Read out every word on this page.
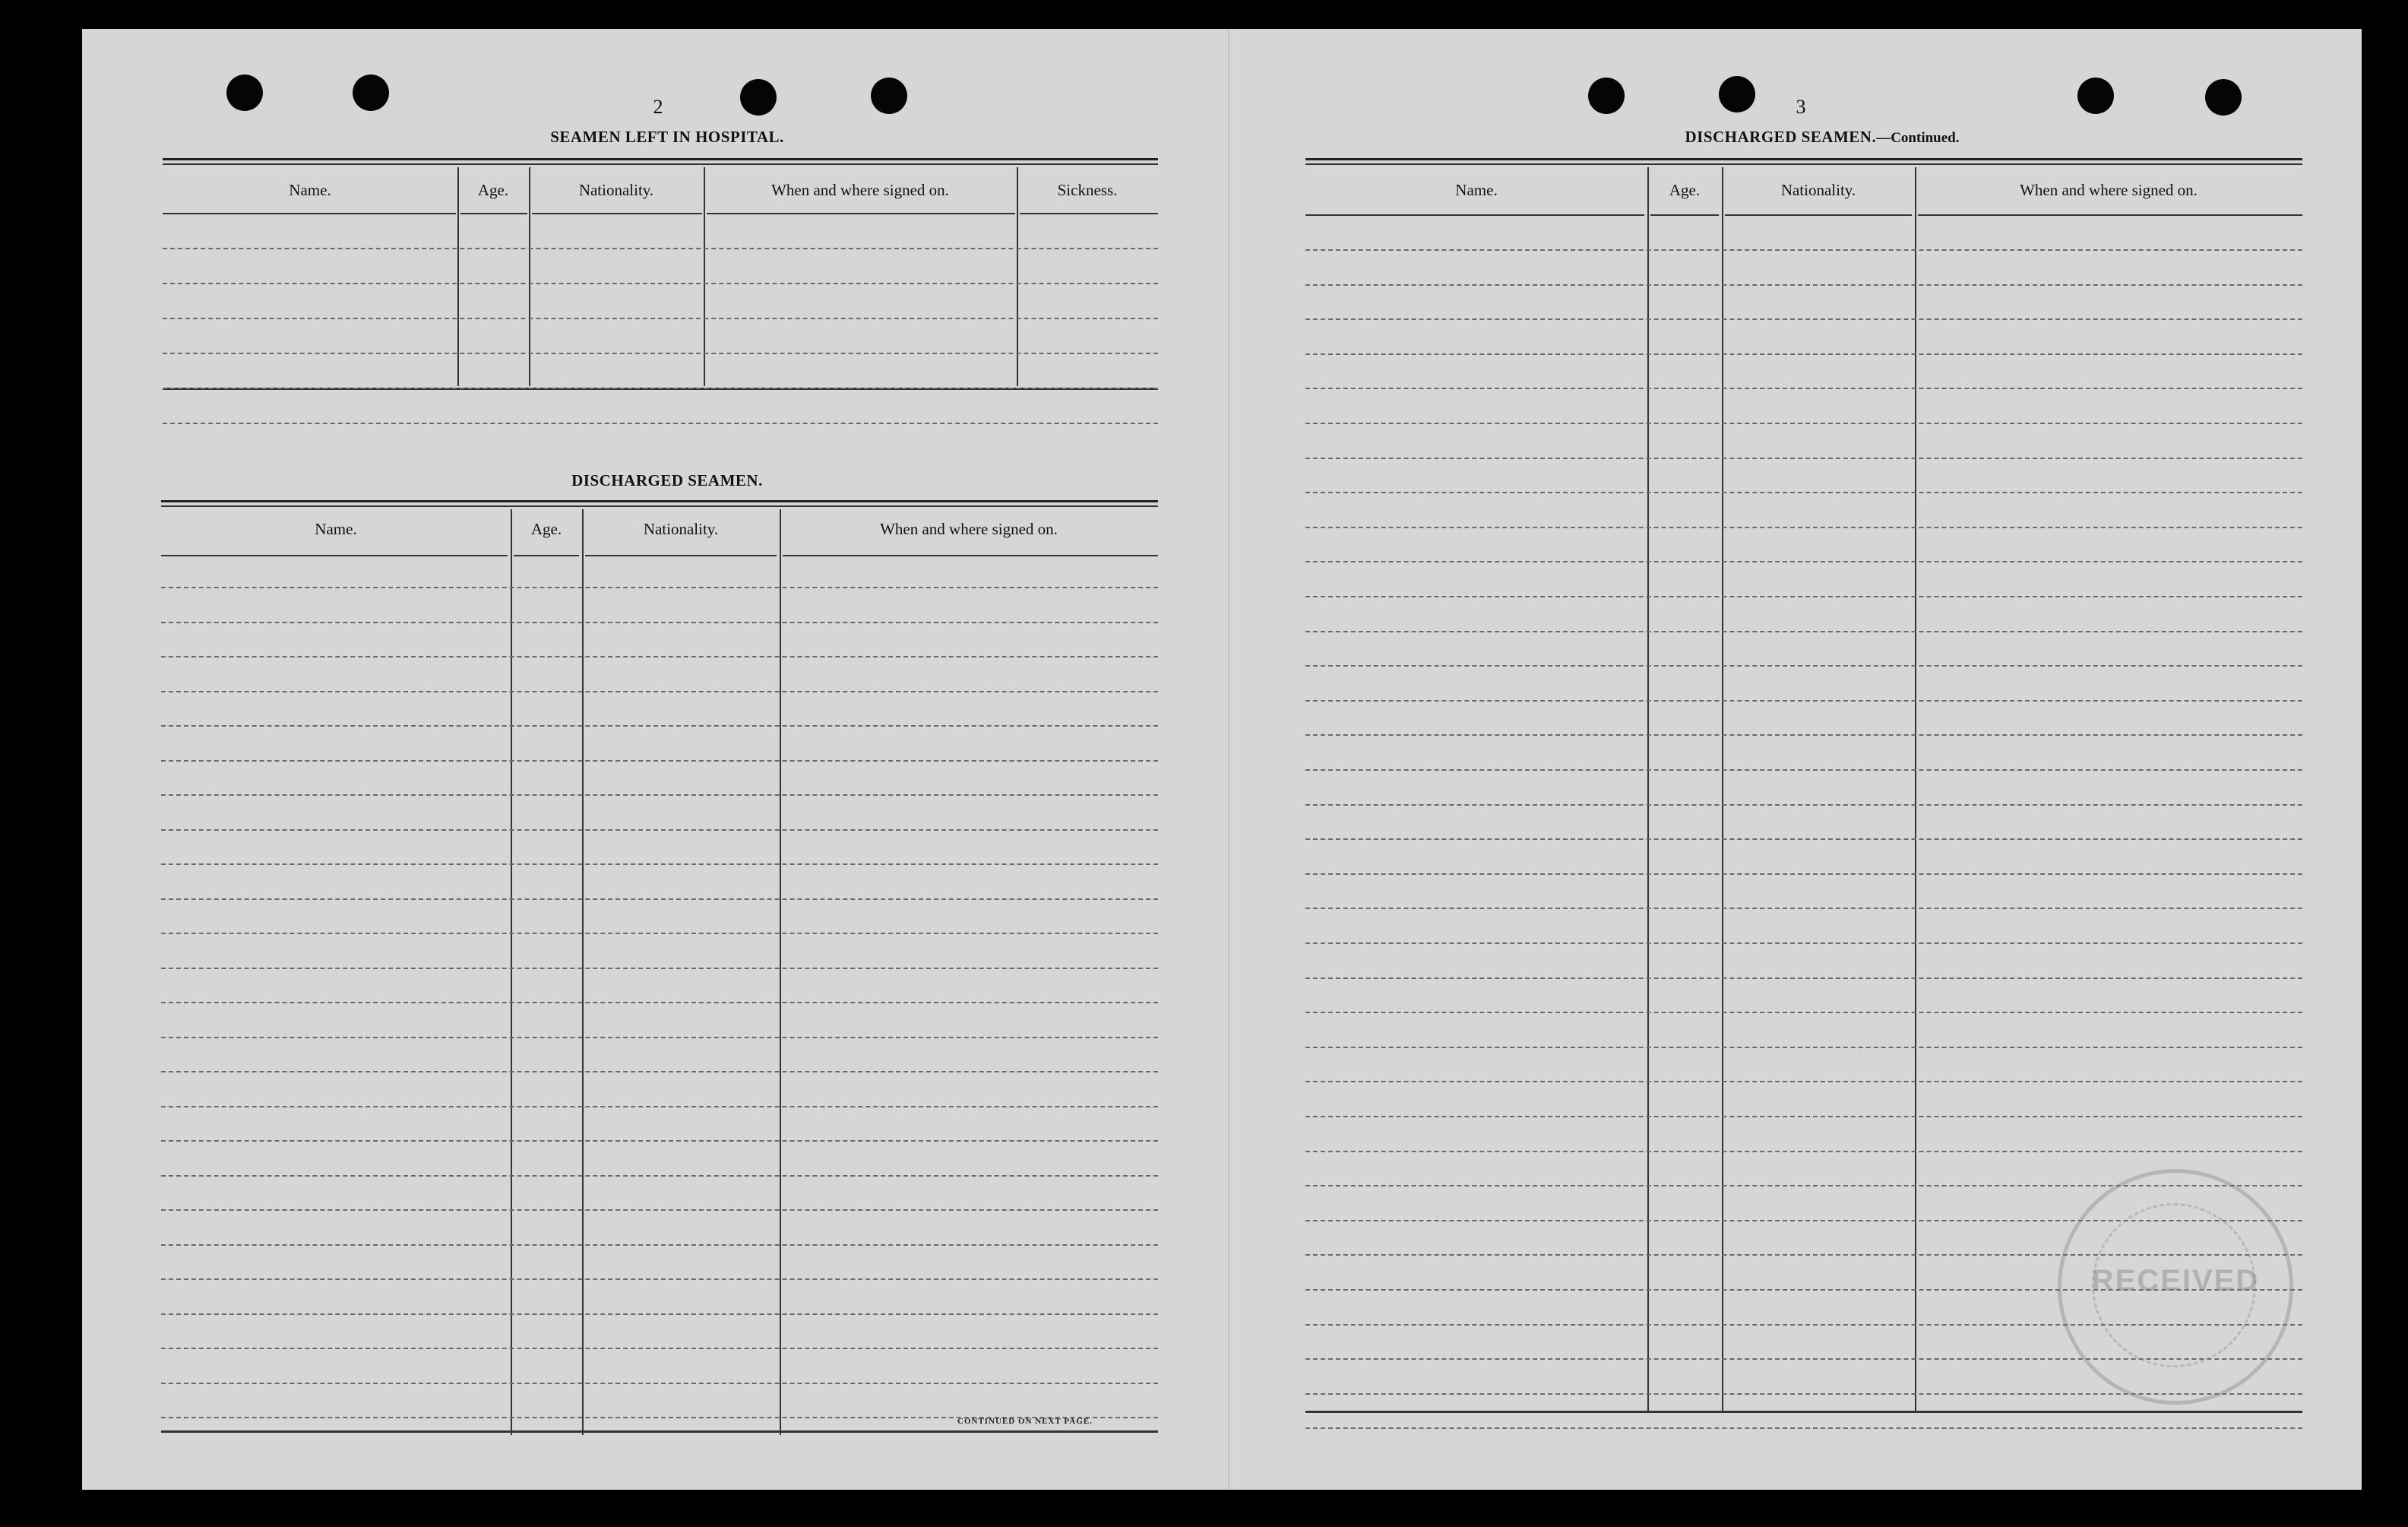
2
SEAMEN LEFT IN HOSPITAL.
Name.	Age.	Nationality.	When and where signed on.	Sickness.
DISCHARGED SEAMEN.
Name.	Age.	Nationality.	When and where signed on.
CONTINUED ON NEXT PAGE.
3
DISCHARGED SEAMEN.—Continued.
Name.	Age.	Nationality.	When and where signed on.
RECEIVED
